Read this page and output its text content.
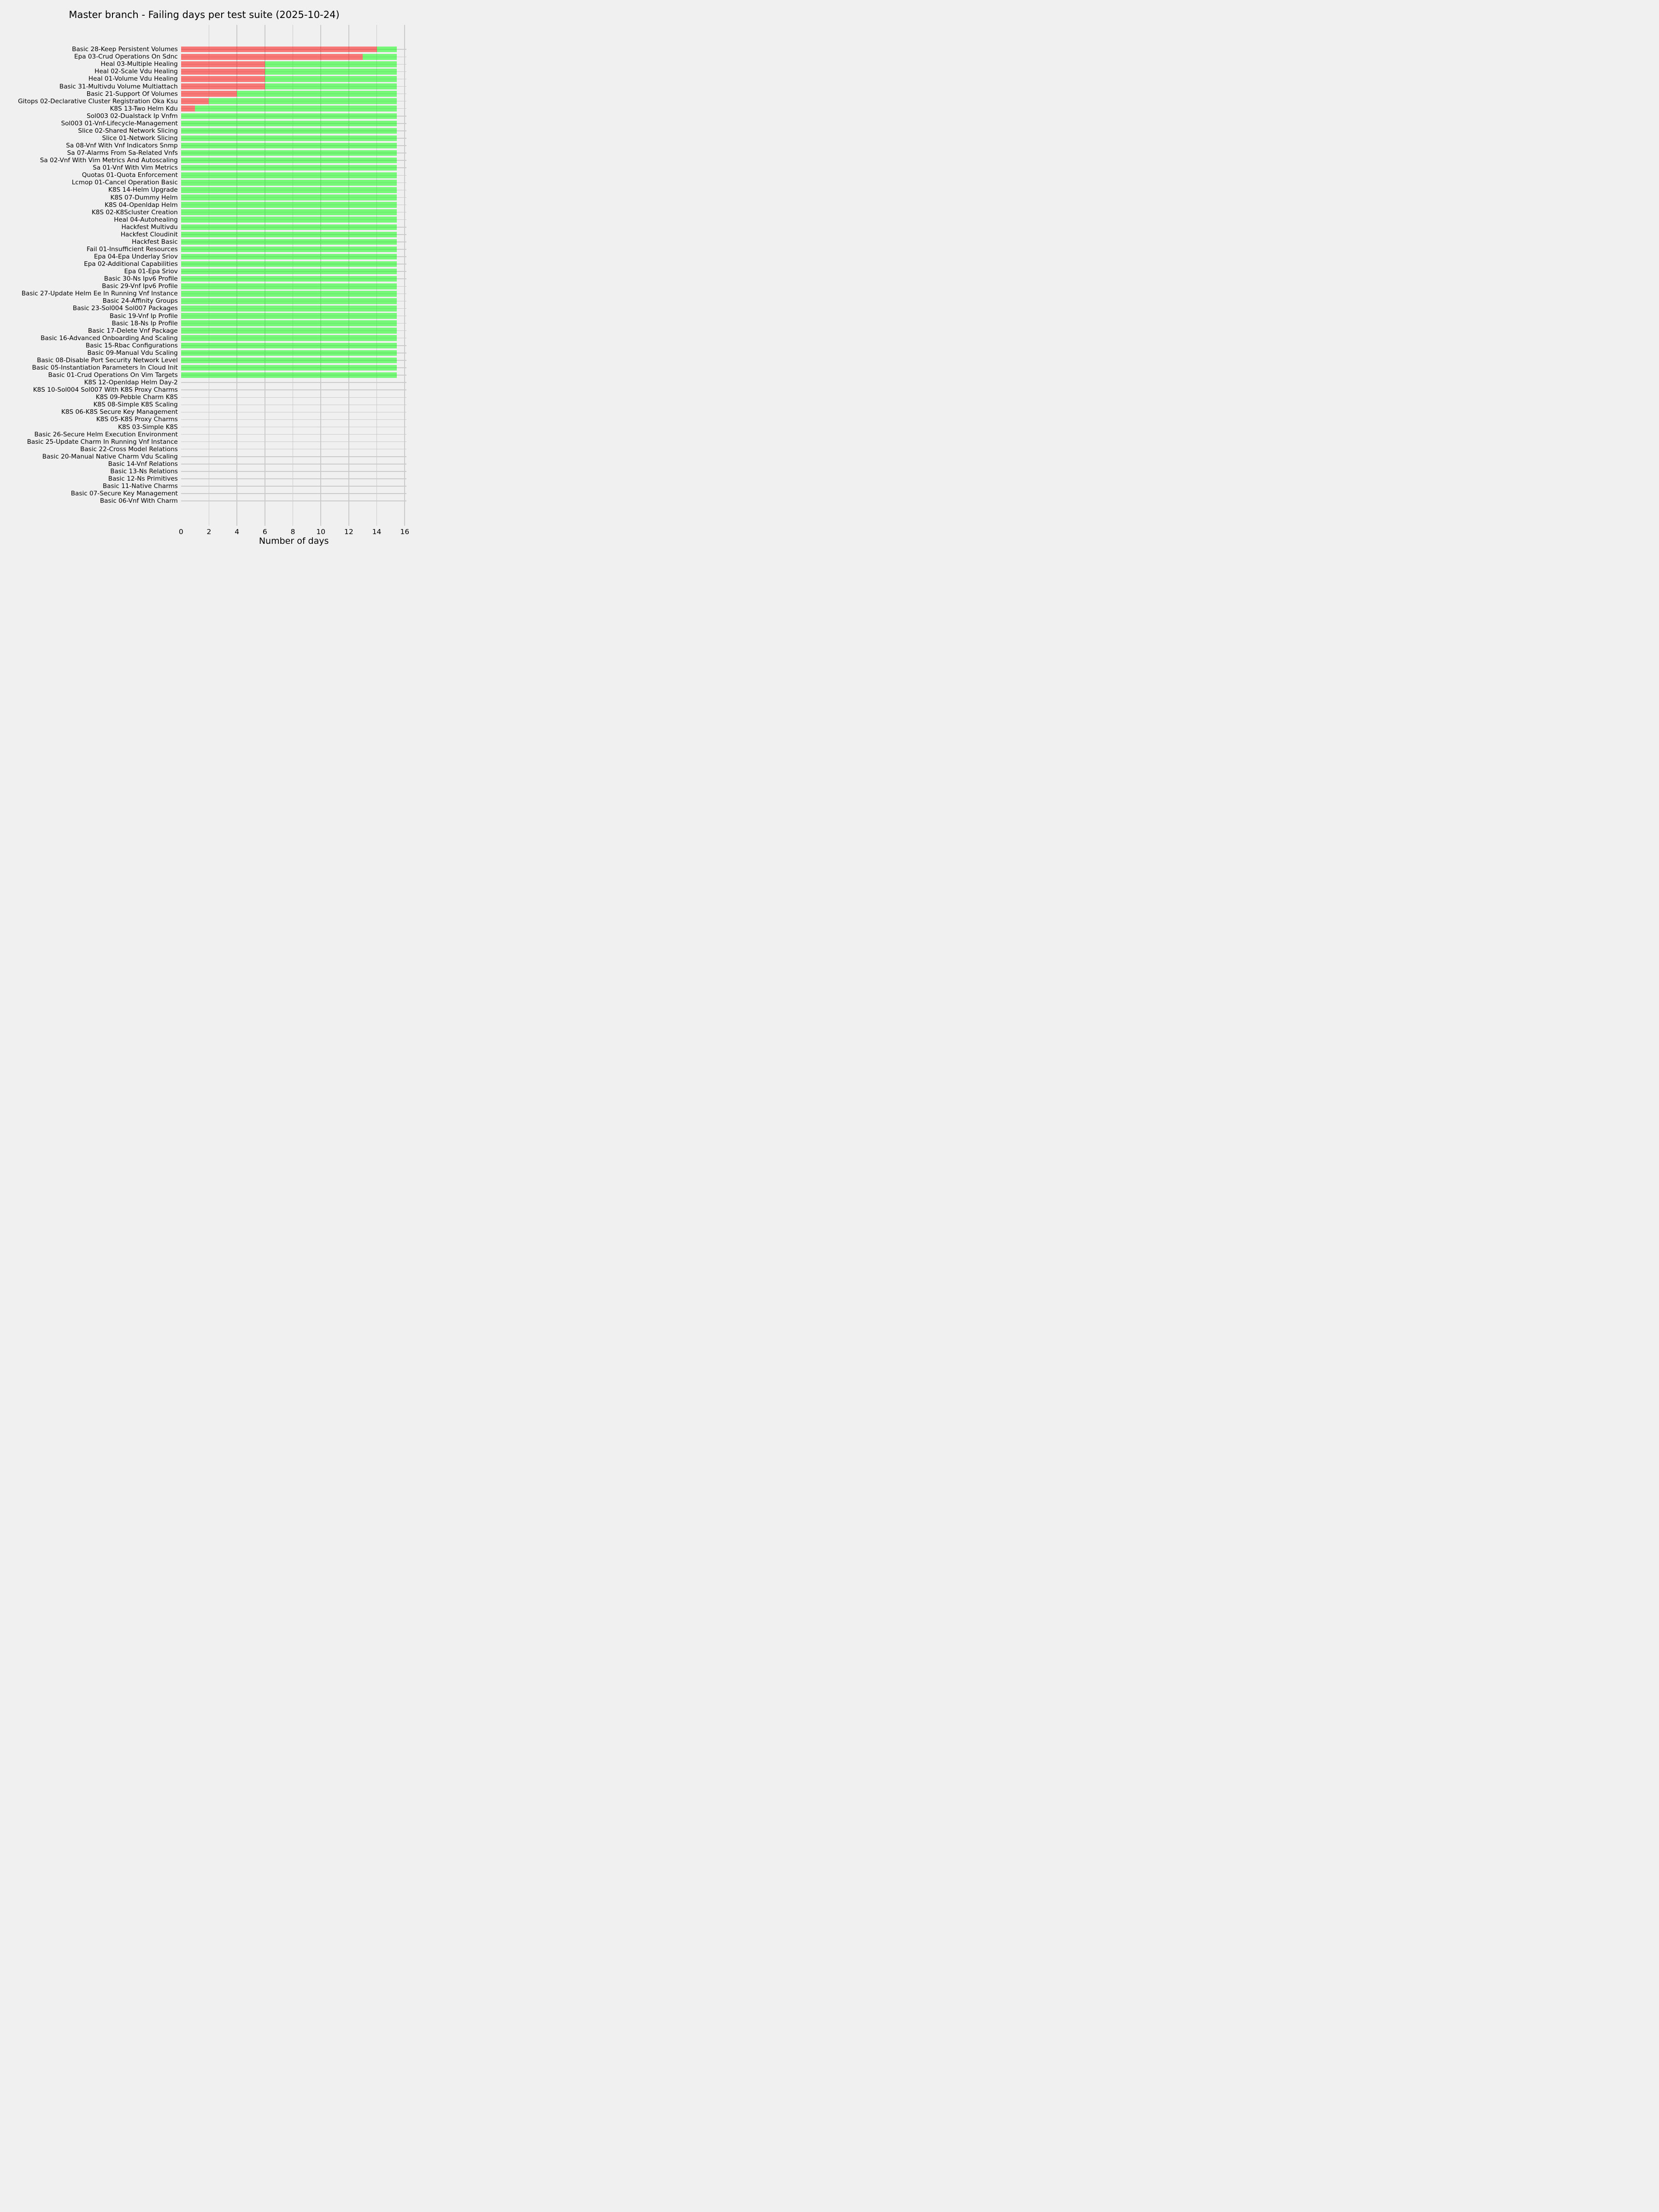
Master branch - Failing days per test suite (2025-10-24)
Number of days
0	2	4	6	8	10	12	14	16
Basic 28-Keep Persistent Volumes
Epa 03-Crud Operations On Sdnc
Heal 03-Multiple Healing
Heal 02-Scale Vdu Healing
Heal 01-Volume Vdu Healing
Basic 31-Multivdu Volume Multiattach
Basic 21-Support Of Volumes
Gitops 02-Declarative Cluster Registration Oka Ksu
K8S 13-Two Helm Kdu
Sol003 02-Dualstack Ip Vnfm
Sol003 01-Vnf-Lifecycle-Management
Slice 02-Shared Network Slicing
Slice 01-Network Slicing
Sa 08-Vnf With Vnf Indicators Snmp
Sa 07-Alarms From Sa-Related Vnfs
Sa 02-Vnf With Vim Metrics And Autoscaling
Sa 01-Vnf With Vim Metrics
Quotas 01-Quota Enforcement
Lcmop 01-Cancel Operation Basic
K8S 14-Helm Upgrade
K8S 07-Dummy Helm
K8S 04-Openldap Helm
K8S 02-K8Scluster Creation
Heal 04-Autohealing
Hackfest Multivdu
Hackfest Cloudinit
Hackfest Basic
Fail 01-Insufficient Resources
Epa 04-Epa Underlay Sriov
Epa 02-Additional Capabilities
Epa 01-Epa Sriov
Basic 30-Ns Ipv6 Profile
Basic 29-Vnf Ipv6 Profile
Basic 27-Update Helm Ee In Running Vnf Instance
Basic 24-Affinity Groups
Basic 23-Sol004 Sol007 Packages
Basic 19-Vnf Ip Profile
Basic 18-Ns Ip Profile
Basic 17-Delete Vnf Package
Basic 16-Advanced Onboarding And Scaling
Basic 15-Rbac Configurations
Basic 09-Manual Vdu Scaling
Basic 08-Disable Port Security Network Level
Basic 05-Instantiation Parameters In Cloud Init
Basic 01-Crud Operations On Vim Targets
K8S 12-Openldap Helm Day-2
K8S 10-Sol004 Sol007 With K8S Proxy Charms
K8S 09-Pebble Charm K8S
K8S 08-Simple K8S Scaling
K8S 06-K8S Secure Key Management
K8S 05-K8S Proxy Charms
K8S 03-Simple K8S
Basic 26-Secure Helm Execution Environment
Basic 25-Update Charm In Running Vnf Instance
Basic 22-Cross Model Relations
Basic 20-Manual Native Charm Vdu Scaling
Basic 14-Vnf Relations
Basic 13-Ns Relations
Basic 12-Ns Primitives
Basic 11-Native Charms
Basic 07-Secure Key Management
Basic 06-Vnf With Charm
